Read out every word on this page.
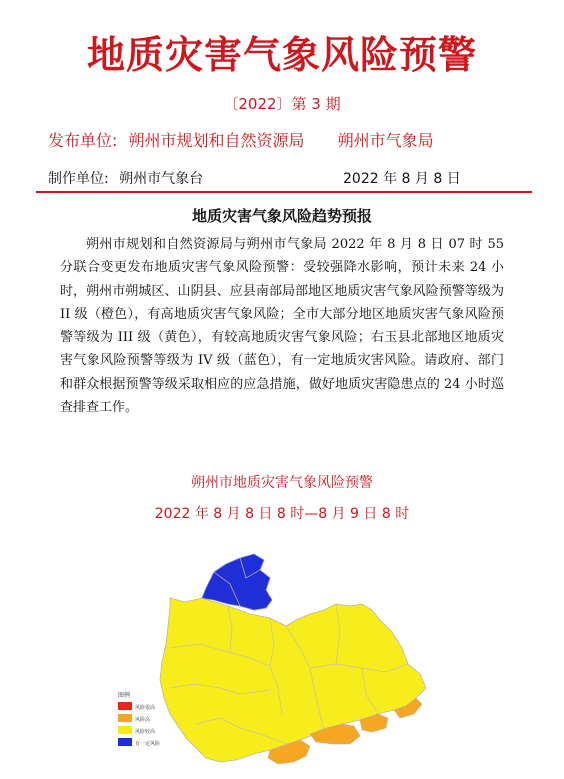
地质灾害气象风险预警
〔2022〕第 3 期
发布单位: 朔州市规划和自然资源局 朔州市气象局
制作单位: 朔州市气象台	2022 年 8 月 8 日
地质灾害气象风险趋势预报
朔州市规划和自然资源局与朔州市气象局 2022 年 8 月 8 日 07 时 55 分联合变更发布地质灾害气象风险预警：受较强降水影响，预计未来 24 小时，朔州市朔城区、山阴县、应县南部局部地区地质灾害气象风险预警等级为 II 级（橙色），有高地质灾害气象风险；全市大部分地区地质灾害气象风险预警等级为 III 级（黄色），有较高地质灾害气象风险；右玉县北部地区地质灾害气象风险预警等级为 IV 级（蓝色），有一定地质灾害风险。请政府、部门和群众根据预警等级采取相应的应急措施，做好地质灾害隐患点的 24 小时巡查排查工作。
朔州市地质灾害气象风险预警
2022 年 8 月 8 日 8 时—8 月 9 日 8 时
图例
风险很高
风险高
风险较高
有一定风险
